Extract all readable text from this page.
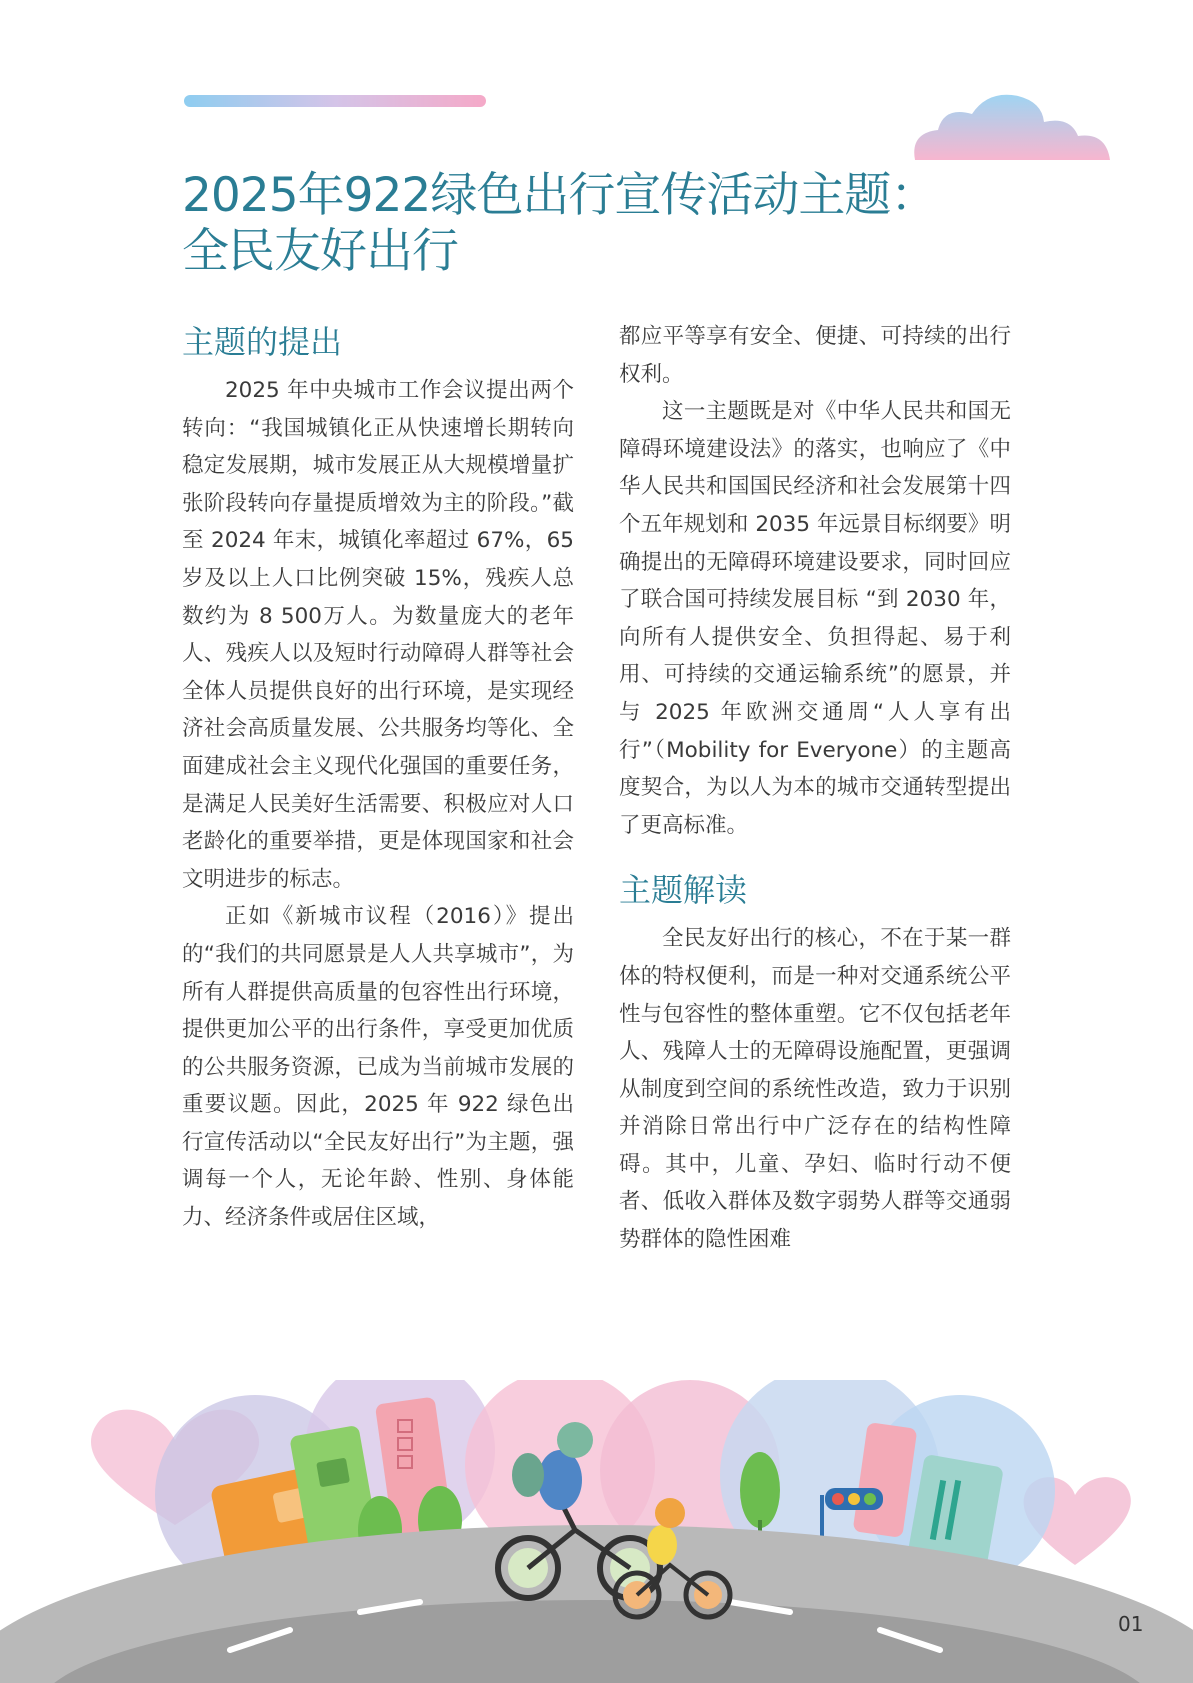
2025年922绿色出行宣传活动主题：
全民友好出行
主题的提出

2025 年中央城市工作会议提出两个转向：“我国城镇化正从快速增长期转向稳定发展期，城市发展正从大规模增量扩张阶段转向存量提质增效为主的阶段。”截至 2024 年末，城镇化率超过 67%，65 岁及以上人口比例突破 15%，残疾人总数约为 8 500万人。为数量庞大的老年人、残疾人以及短时行动障碍人群等社会全体人员提供良好的出行环境，是实现经济社会高质量发展、公共服务均等化、全面建成社会主义现代化强国的重要任务，是满足人民美好生活需要、积极应对人口老龄化的重要举措，更是体现国家和社会文明进步的标志。

正如《新城市议程（2016）》提出的“我们的共同愿景是人人共享城市”，为所有人群提供高质量的包容性出行环境，提供更加公平的出行条件，享受更加优质的公共服务资源，已成为当前城市发展的重要议题。因此，2025 年 922 绿色出行宣传活动以“全民友好出行”为主题，强调每一个人，无论年龄、性别、身体能力、经济条件或居住区域，

都应平等享有安全、便捷、可持续的出行权利。

这一主题既是对《中华人民共和国无障碍环境建设法》的落实，也响应了《中华人民共和国国民经济和社会发展第十四个五年规划和 2035 年远景目标纲要》明确提出的无障碍环境建设要求，同时回应了联合国可持续发展目标 “到 2030 年，向所有人提供安全、负担得起、易于利用、可持续的交通运输系统”的愿景，并与 2025 年欧洲交通周“人人享有出行”（Mobility for Everyone）的主题高度契合，为以人为本的城市交通转型提出了更高标准。

主题解读

全民友好出行的核心，不在于某一群体的特权便利，而是一种对交通系统公平性与包容性的整体重塑。它不仅包括老年人、残障人士的无障碍设施配置，更强调从制度到空间的系统性改造，致力于识别并消除日常出行中广泛存在的结构性障碍。其中，儿童、孕妇、临时行动不便者、低收入群体及数字弱势人群等交通弱势群体的隐性困难

01
